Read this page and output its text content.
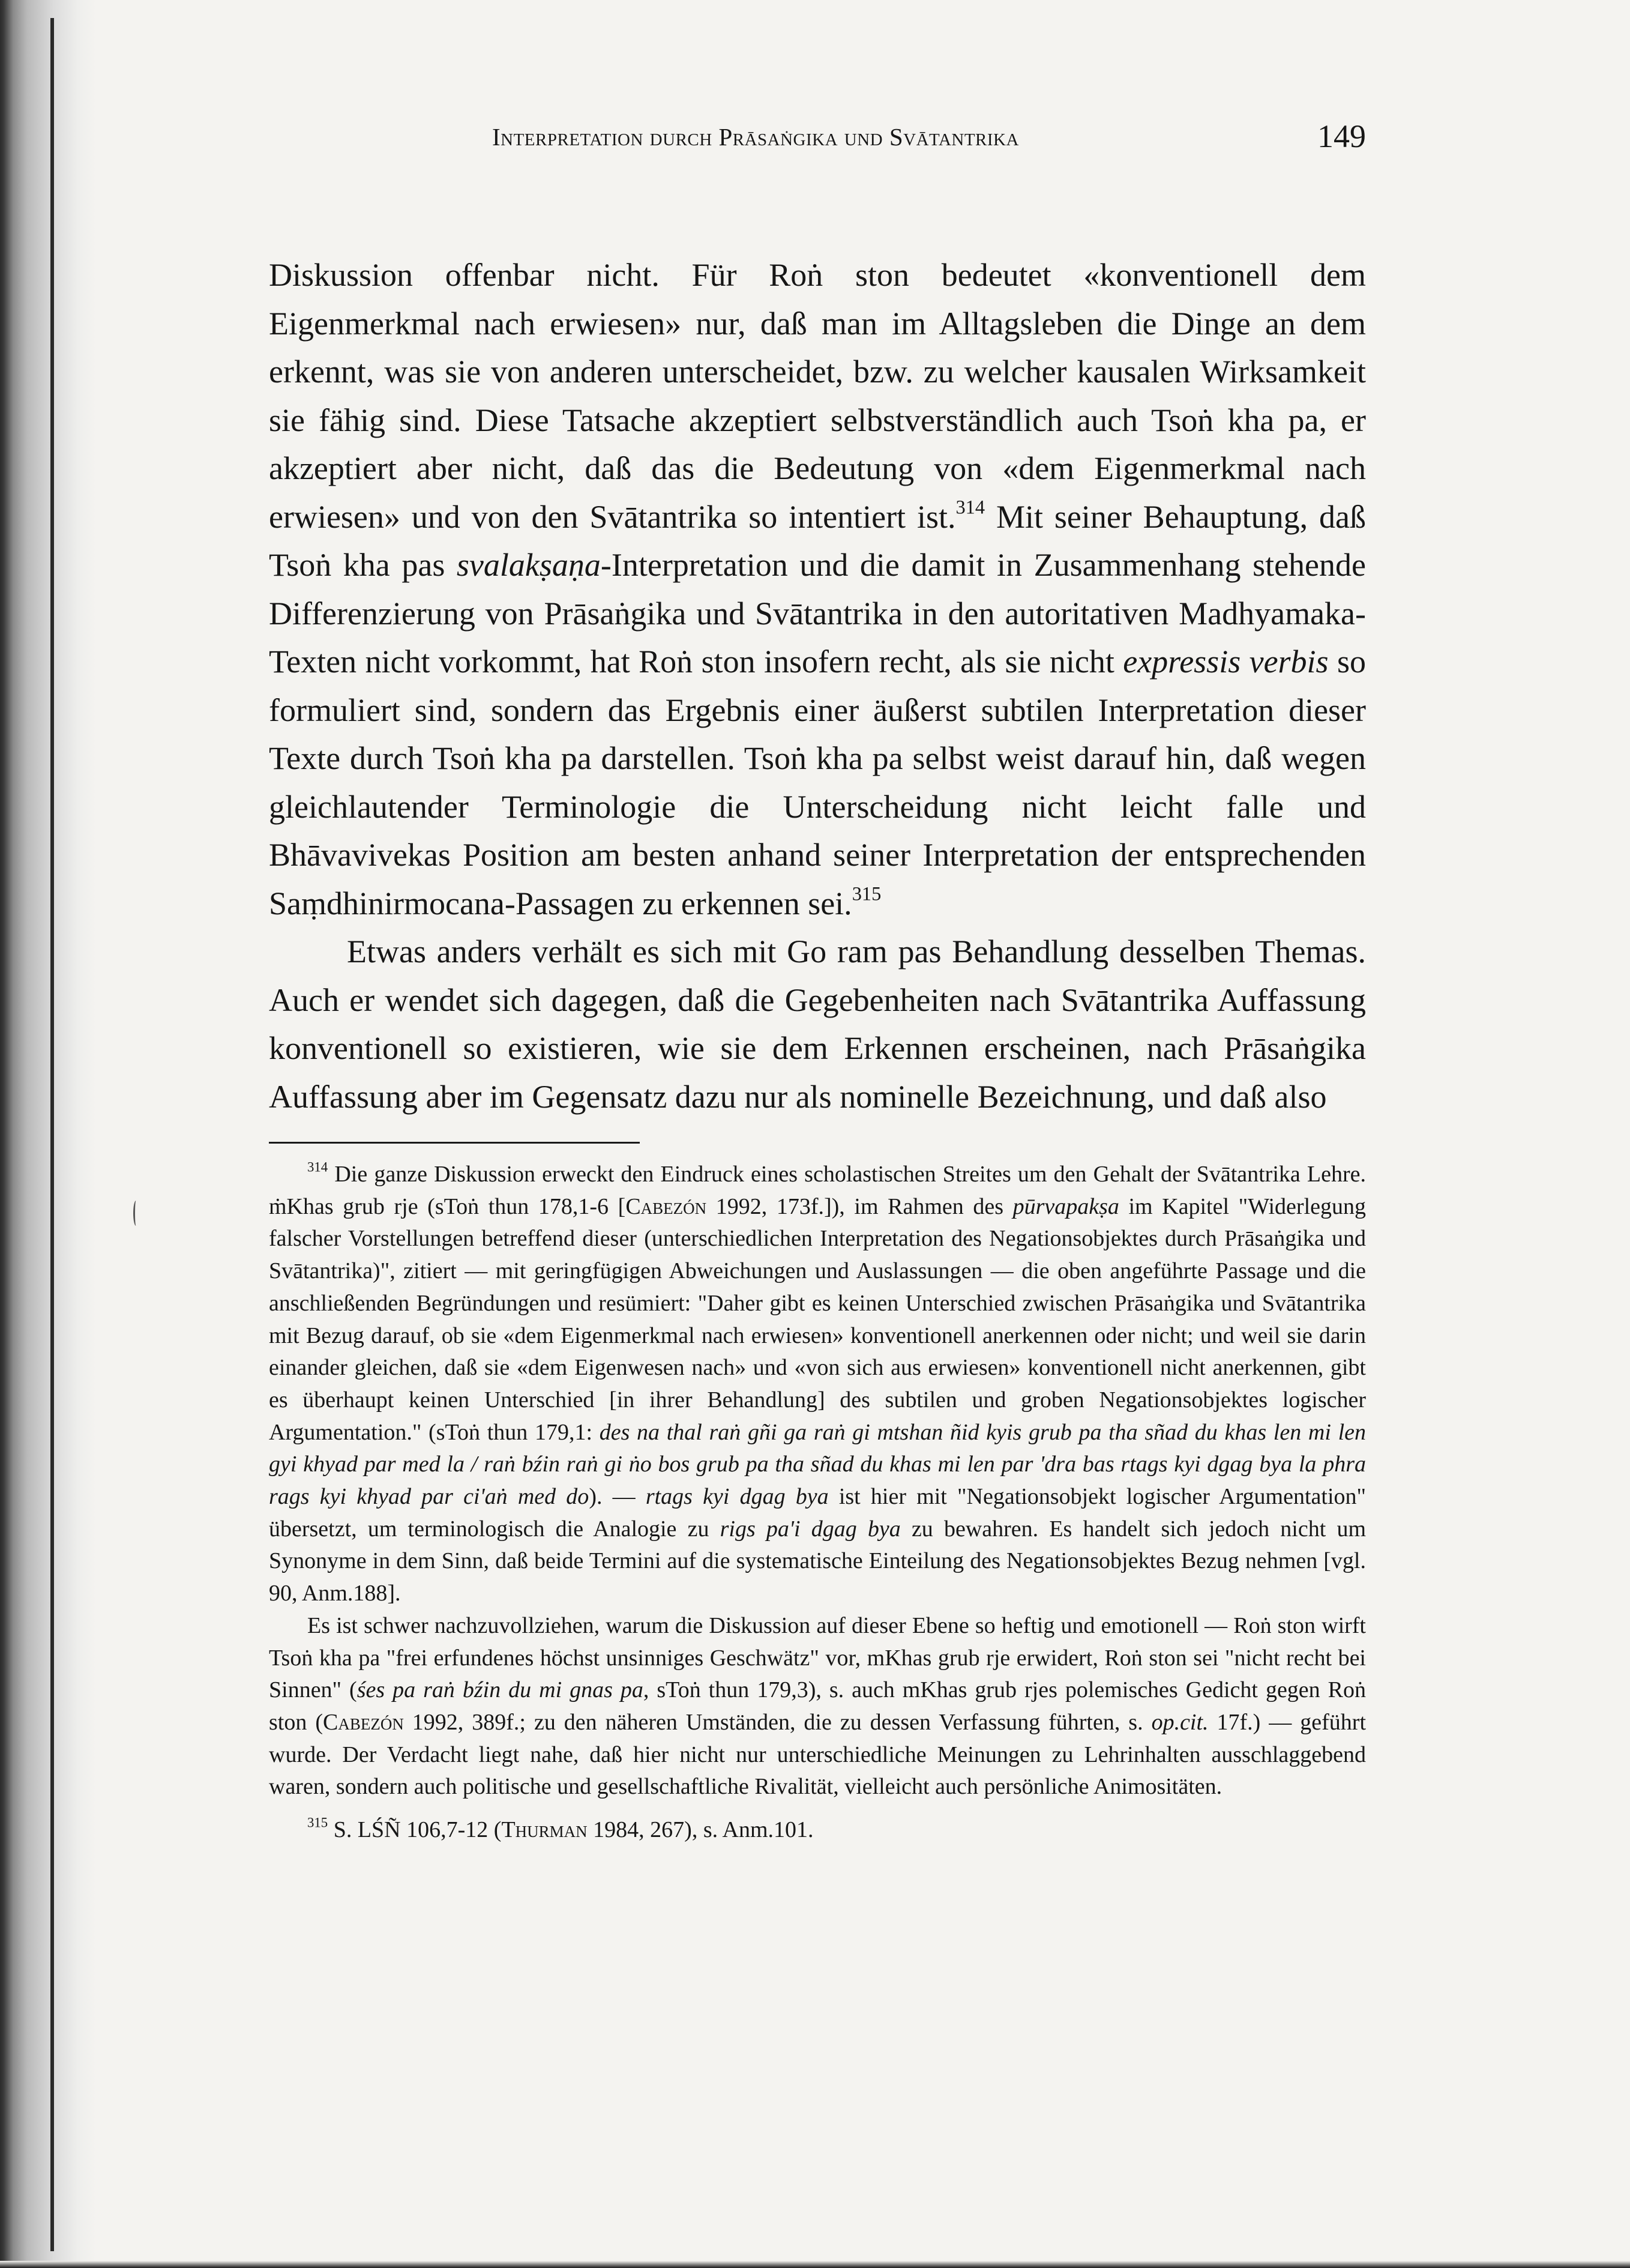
Interpretation durch Prāsaṅgika und Svātantrika	149

Diskussion offenbar nicht. Für Roṅ ston bedeutet «konventionell dem Eigenmerkmal nach erwiesen» nur, daß man im Alltagsleben die Dinge an dem erkennt, was sie von anderen unterscheidet, bzw. zu welcher kausalen Wirksamkeit sie fähig sind. Diese Tatsache akzeptiert selbstverständlich auch Tsoṅ kha pa, er akzeptiert aber nicht, daß das die Bedeutung von «dem Eigenmerkmal nach erwiesen» und von den Svātantrika so intentiert ist.$^{314}$ Mit seiner Behauptung, daß Tsoṅ kha pas svalakṣaṇa-Interpretation und die damit in Zusammenhang stehende Differenzierung von Prāsaṅgika und Svātantrika in den autoritativen Madhyamaka-Texten nicht vorkommt, hat Roṅ ston insofern recht, als sie nicht expressis verbis so formuliert sind, sondern das Ergebnis einer äußerst subtilen Interpretation dieser Texte durch Tsoṅ kha pa darstellen. Tsoṅ kha pa selbst weist darauf hin, daß wegen gleichlautender Terminologie die Unterscheidung nicht leicht falle und Bhāvavivekas Position am besten anhand seiner Interpretation der entsprechenden Saṃdhinirmocana-Passagen zu erkennen sei.$^{315}$

Etwas anders verhält es sich mit Go ram pas Behandlung desselben Themas. Auch er wendet sich dagegen, daß die Gegebenheiten nach Svātantrika Auffassung konventionell so existieren, wie sie dem Erkennen erscheinen, nach Prāsaṅgika Auffassung aber im Gegensatz dazu nur als nominelle Bezeichnung, und daß also

$^{314}$ Die ganze Diskussion erweckt den Eindruck eines scholastischen Streites um den Gehalt der Svātantrika Lehre. ṁKhas grub rje (sToṅ thun 178,1-6 [Cabezón 1992, 173f.]), im Rahmen des pūrvapakṣa im Kapitel "Widerlegung falscher Vorstellungen betreffend dieser (unterschiedlichen Interpretation des Negationsobjektes durch Prāsaṅgika und Svātantrika)", zitiert — mit geringfügigen Abweichungen und Auslassungen — die oben angeführte Passage und die anschließenden Begründungen und resümiert: "Daher gibt es keinen Unterschied zwischen Prāsaṅgika und Svātantrika mit Bezug darauf, ob sie «dem Eigenmerkmal nach erwiesen» konventionell anerkennen oder nicht; und weil sie darin einander gleichen, daß sie «dem Eigenwesen nach» und «von sich aus erwiesen» konventionell nicht anerkennen, gibt es überhaupt keinen Unterschied [in ihrer Behandlung] des subtilen und groben Negationsobjektes logischer Argumentation." (sToṅ thun 179,1: des na thal raṅ gñi ga raṅ gi mtshan ñid kyis grub pa tha sñad du khas len mi len gyi khyad par med la / raṅ bźin raṅ gi ṅo bos grub pa tha sñad du khas mi len par 'dra bas rtags kyi dgag bya la phra rags kyi khyad par ci'aṅ med do). — rtags kyi dgag bya ist hier mit "Negationsobjekt logischer Argumentation" übersetzt, um terminologisch die Analogie zu rigs pa'i dgag bya zu bewahren. Es handelt sich jedoch nicht um Synonyme in dem Sinn, daß beide Termini auf die systematische Einteilung des Negationsobjektes Bezug nehmen [vgl. 90, Anm.188].

Es ist schwer nachzuvollziehen, warum die Diskussion auf dieser Ebene so heftig und emotionell — Roṅ ston wirft Tsoṅ kha pa "frei erfundenes höchst unsinniges Geschwätz" vor, mKhas grub rje erwidert, Roṅ ston sei "nicht recht bei Sinnen" (śes pa raṅ bźin du mi gnas pa, sToṅ thun 179,3), s. auch mKhas grub rjes polemisches Gedicht gegen Roṅ ston (Cabezón 1992, 389f.; zu den näheren Umständen, die zu dessen Verfassung führten, s. op.cit. 17f.) — geführt wurde. Der Verdacht liegt nahe, daß hier nicht nur unterschiedliche Meinungen zu Lehrinhalten ausschlaggebend waren, sondern auch politische und gesellschaftliche Rivalität, vielleicht auch persönliche Animositäten.

$^{315}$ S. LŚÑ 106,7-12 (Thurman 1984, 267), s. Anm.101.
